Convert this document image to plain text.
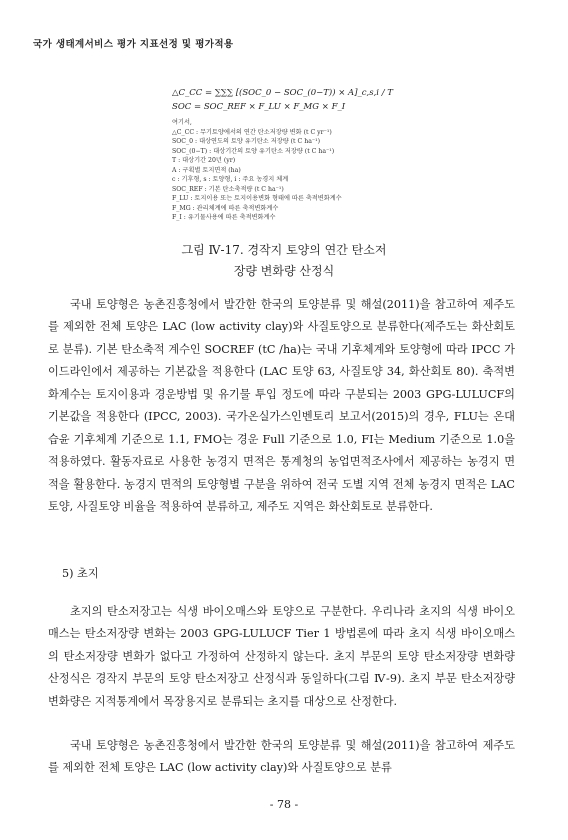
국가 생태계서비스 평가 지표선정 및 평가적용
△C_CC = ∑∑∑ [(SOC_0 − SOC_(0−T)) × A]_c,s,i / T
SOC = SOC_REF × F_LU × F_MG × F_I
여기서,
△C_CC : 무기토양에서의 연간 탄소저장량 변화 (t C yr⁻¹)
SOC_0 : 대상연도의 토양 유기탄소 저장량 (t C ha⁻¹)
SOC_(0−T) : 대상기간의 토양 유기탄소 저장량 (t C ha⁻¹)
T : 대상기간 20년 (yr)
A : 구획별 토지면적 (ha)
c : 기후형, s : 토양형, i : 주요 농경지 체계
SOC_REF : 기본 탄소축적량 (t C ha⁻¹)
F_LU : 토지이용 또는 토지이용변화 형태에 따른 축적변화계수
F_MG : 관리체계에 따른 축적변화계수
F_I : 유기물사용에 따른 축적변화계수
그림 Ⅳ-17. 경작지 토양의 연간 탄소저
장량 변화량 산정식

국내 토양형은 농촌진흥청에서 발간한 한국의 토양분류 및 해설(2011)을 참고하여 제주도를 제외한 전체 토양은 LAC (low activity clay)와 사질토양으로 분류한다(제주도는 화산회토로 분류). 기본 탄소축적 계수인 SOCREF (tC /ha)는 국내 기후체계와 토양형에 따라 IPCC 가이드라인에서 제공하는 기본값을 적용한다 (LAC 토양 63, 사질토양 34, 화산회토 80). 축적변화계수는 토지이용과 경운방법 및 유기물 투입 정도에 따라 구분되는 2003 GPG-LULUCF의 기본값을 적용한다 (IPCC, 2003). 국가온실가스인벤토리 보고서(2015)의 경우, FLU는 온대습윤 기후체계 기준으로 1.1, FMO는 경운 Full 기준으로 1.0, FI는 Medium 기준으로 1.0을 적용하였다. 활동자료로 사용한 농경지 면적은 통계청의 농업면적조사에서 제공하는 농경지 면적을 활용한다. 농경지 면적의 토양형별 구분을 위하여 전국 도별 지역 전체 농경지 면적은 LAC 토양, 사질토양 비율을 적용하여 분류하고, 제주도 지역은 화산회토로 분류한다.

5) 초지

초지의 탄소저장고는 식생 바이오매스와 토양으로 구분한다. 우리나라 초지의 식생 바이오매스는 탄소저장량 변화는 2003 GPG-LULUCF Tier 1 방법론에 따라 초지 식생 바이오매스의 탄소저장량 변화가 없다고 가정하여 산정하지 않는다. 초지 부문의 토양 탄소저장량 변화량 산정식은 경작지 부문의 토양 탄소저장고 산정식과 동일하다(그림 Ⅳ-9). 초지 부문 탄소저장량 변화량은 지적통계에서 목장용지로 분류되는 초지를 대상으로 산정한다.

국내 토양형은 농촌진흥청에서 발간한 한국의 토양분류 및 해설(2011)을 참고하여 제주도를 제외한 전체 토양은 LAC (low activity clay)와 사질토양으로 분류

- 78 -
